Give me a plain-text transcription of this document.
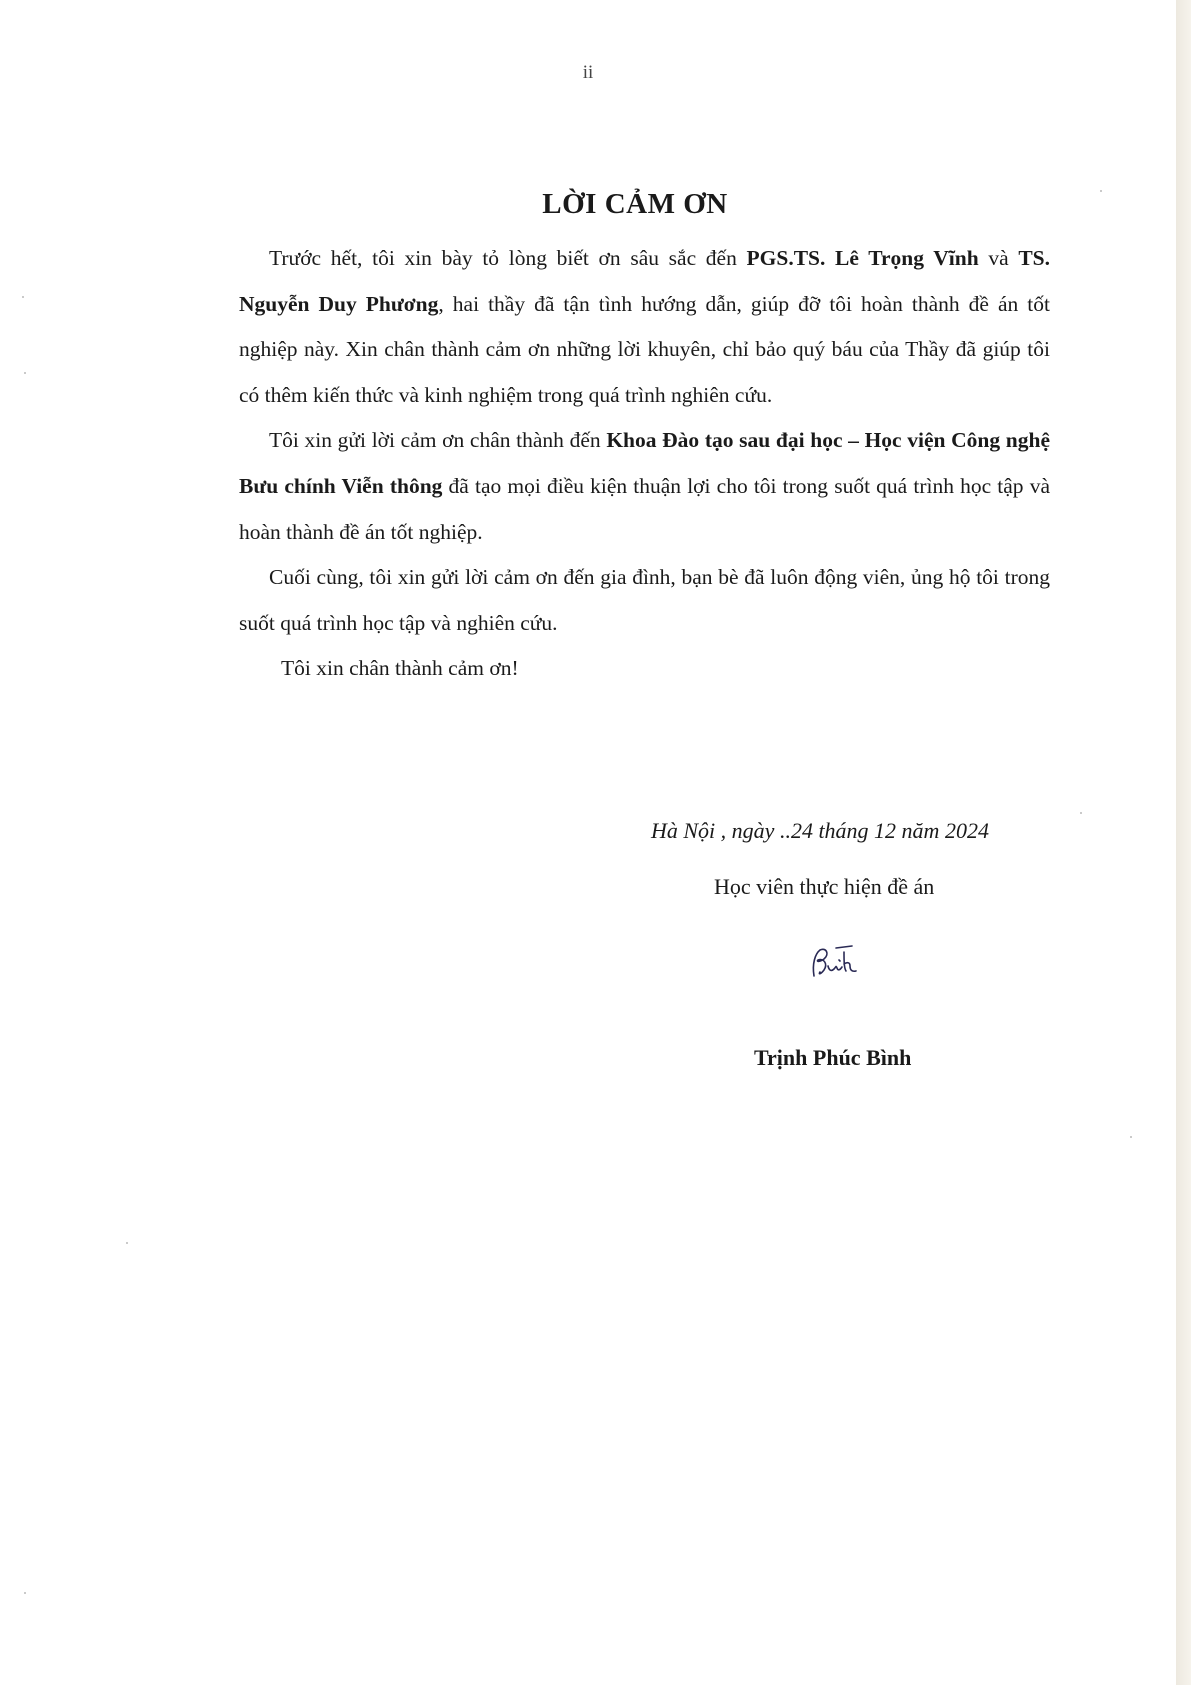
ii
LỜI CẢM ƠN

Trước hết, tôi xin bày tỏ lòng biết ơn sâu sắc đến PGS.TS. Lê Trọng Vĩnh và TS. Nguyễn Duy Phương, hai thầy đã tận tình hướng dẫn, giúp đỡ tôi hoàn thành đề án tốt nghiệp này. Xin chân thành cảm ơn những lời khuyên, chỉ bảo quý báu của Thầy đã giúp tôi có thêm kiến thức và kinh nghiệm trong quá trình nghiên cứu.

Tôi xin gửi lời cảm ơn chân thành đến Khoa Đào tạo sau đại học – Học viện Công nghệ Bưu chính Viễn thông đã tạo mọi điều kiện thuận lợi cho tôi trong suốt quá trình học tập và hoàn thành đề án tốt nghiệp.

Cuối cùng, tôi xin gửi lời cảm ơn đến gia đình, bạn bè đã luôn động viên, ủng hộ tôi trong suốt quá trình học tập và nghiên cứu.

Tôi xin chân thành cảm ơn!

Hà Nội , ngày ..24 tháng 12 năm 2024
Học viên thực hiện đề án
Trịnh Phúc Bình
